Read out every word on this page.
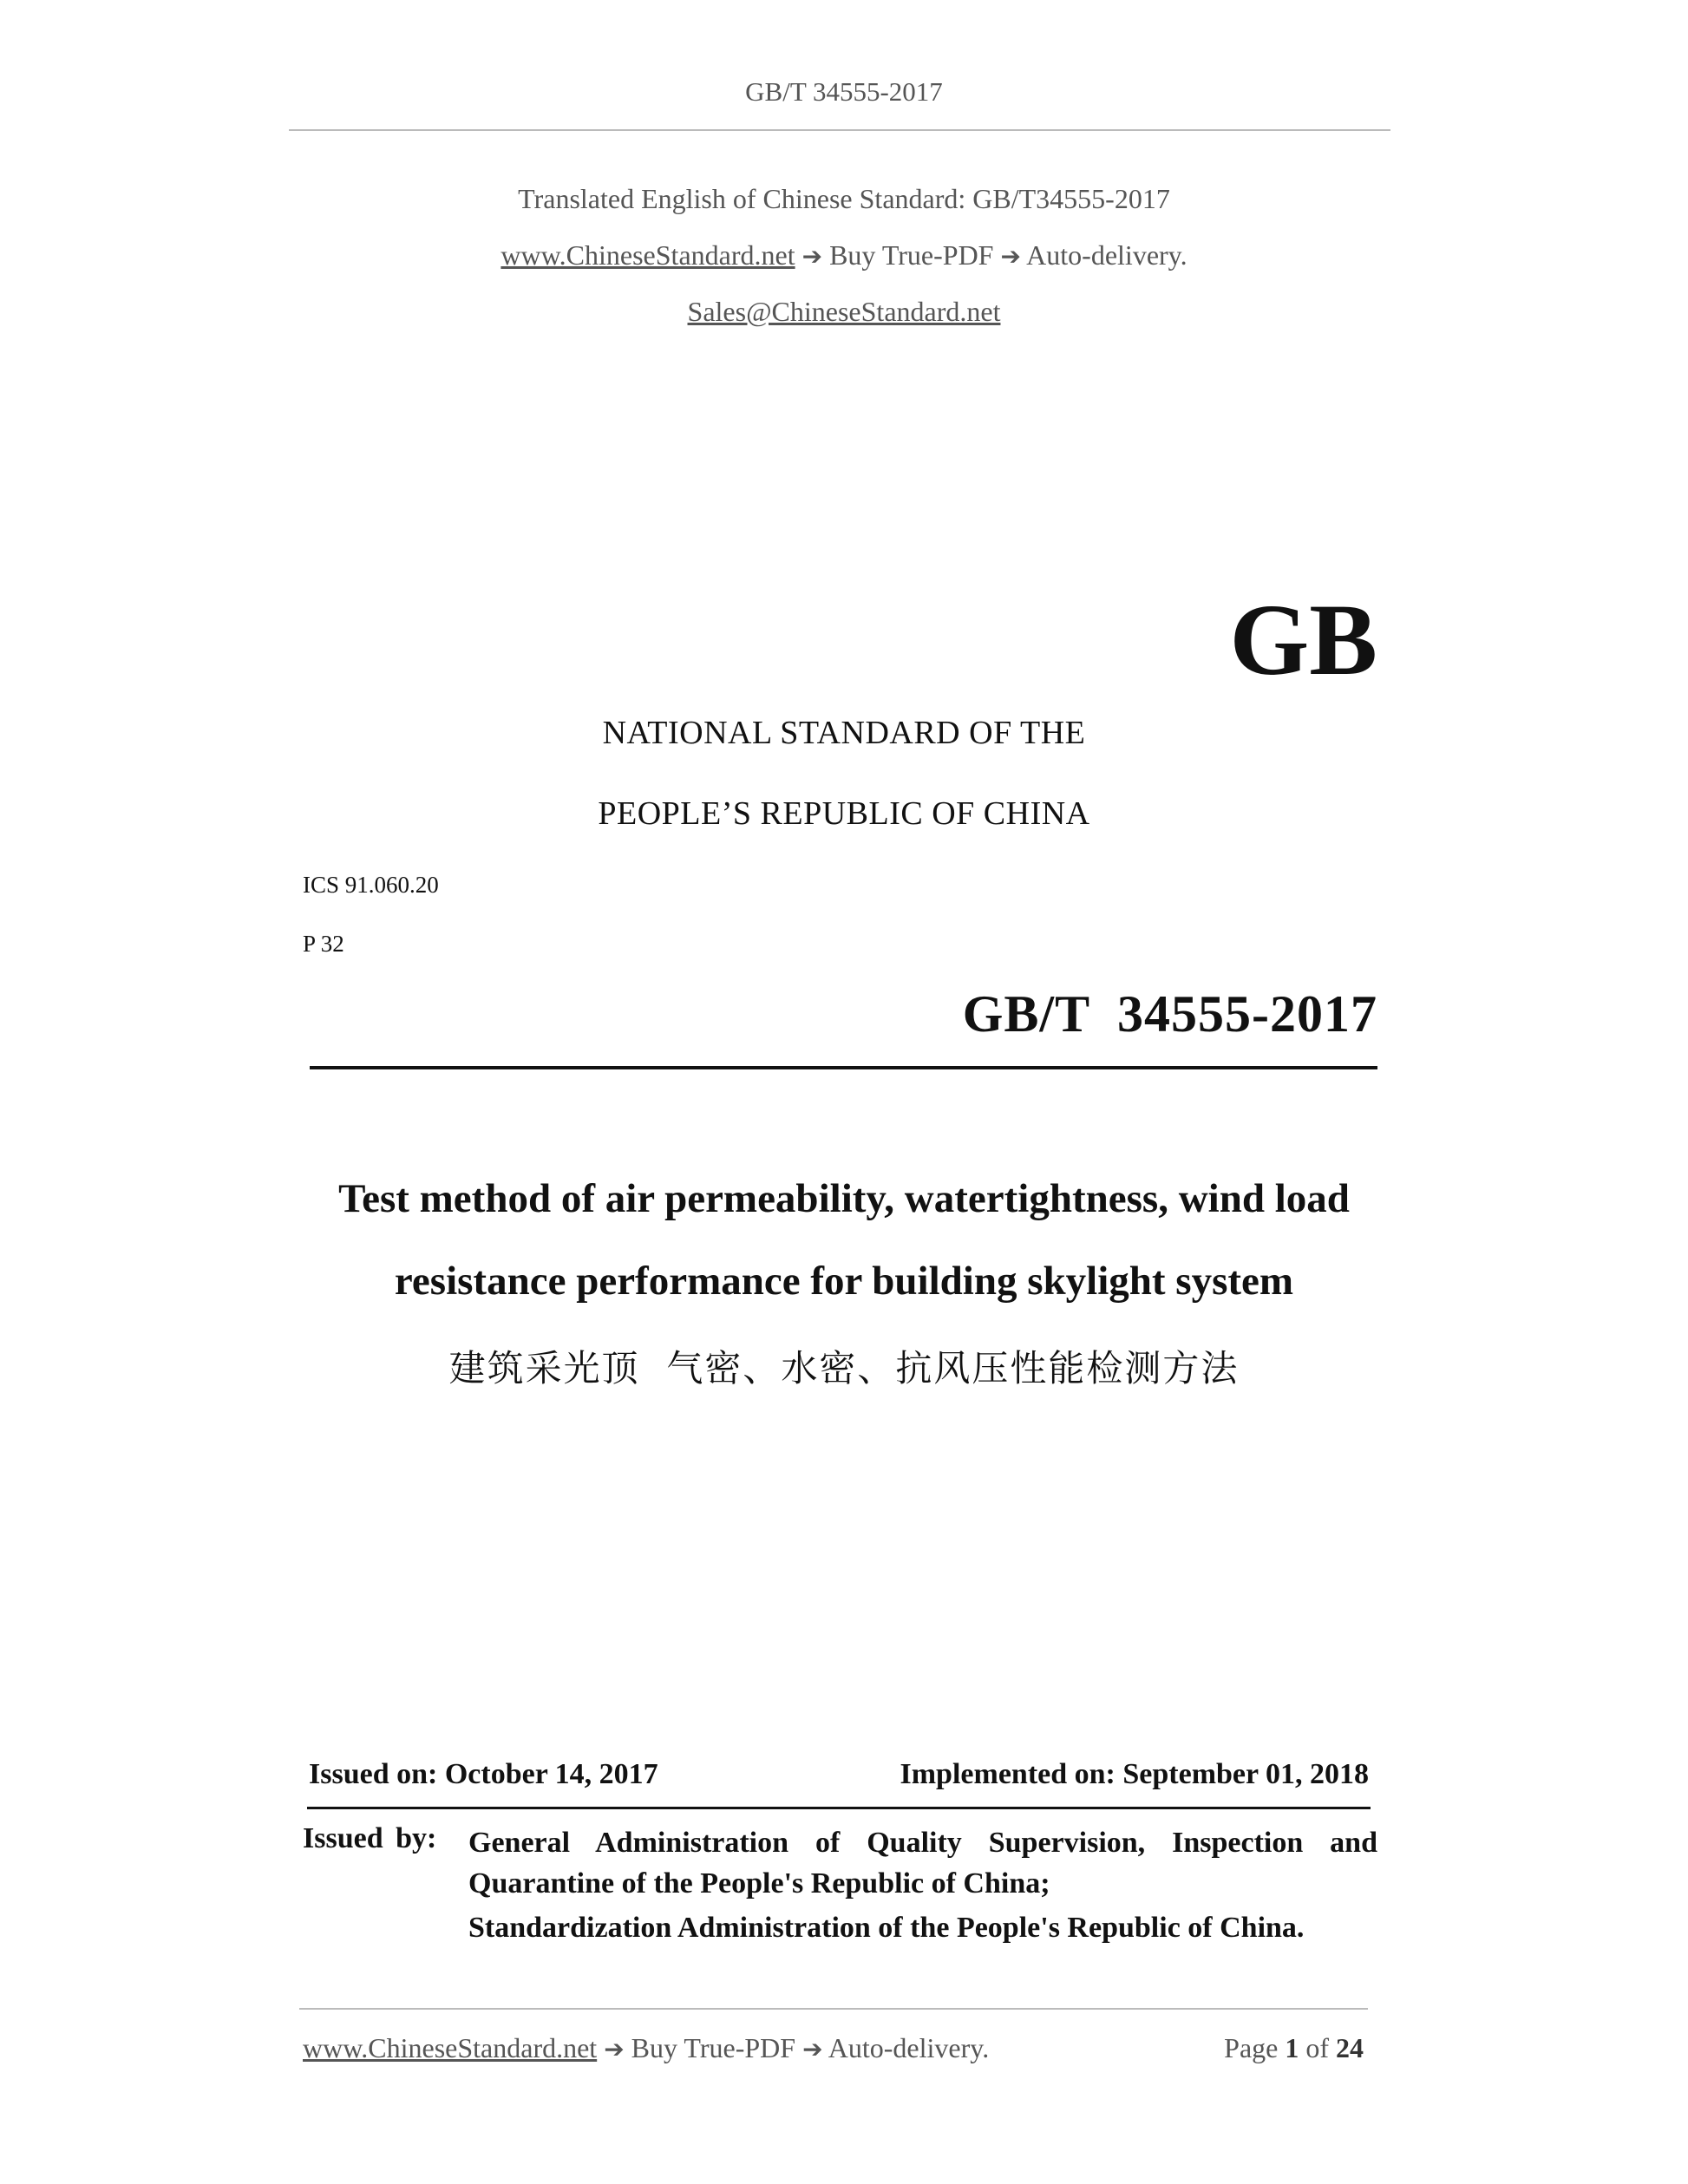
GB/T 34555-2017
Translated English of Chinese Standard: GB/T34555-2017
www.ChineseStandard.net ➔ Buy True-PDF ➔ Auto-delivery.
Sales@ChineseStandard.net
GB
NATIONAL STANDARD OF THE
PEOPLE’S REPUBLIC OF CHINA
ICS 91.060.20
P 32
GB/T  34555-2017
Test method of air permeability, watertightness, wind load
resistance performance for building skylight system
建筑采光顶  气密、水密、抗风压性能检测方法
Issued on: October 14, 2017	Implemented on: September 01, 2018
Issued by: General Administration of Quality Supervision, Inspection and Quarantine of the People's Republic of China;
Standardization Administration of the People's Republic of China.
www.ChineseStandard.net ➔ Buy True-PDF ➔ Auto-delivery.	Page 1 of 24
